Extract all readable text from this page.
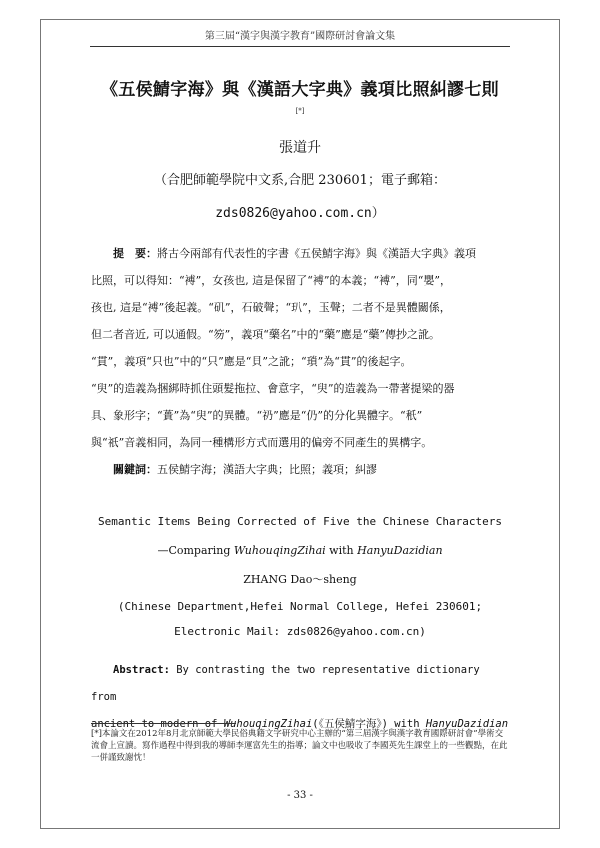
第三屆“漢字與漢字教育”國際研討會論文集
《五侯鯖字海》與《漢語大字典》義項比照糾謬七則
[*]
張道升
（合肥師範學院中文系,合肥 230601；電子郵箱：
zds0826@yahoo.com.cn）
提　要：將古今兩部有代表性的字書《五侯鯖字海》與《漢語大字典》義項
比照，可以得知：“䙏”，女孩也, 這是保留了“䙏”的本義；“䙏”，同“嬰”，
孩也, 這是“䙏”後起義。“矶”，石破聲；“玐”，玉聲；二者不是異體關係，
但二者音近, 可以通假。“笏”，義項“藥名”中的“藥”應是“藥”傳抄之訛。
“貫”，義項“只也”中的“只”應是“貝”之訛；“瑣”為“貫”的後起字。
“臾”的造義為捆綁時抓住頭髮拖拉、會意字，“臾”的造義為一帶著提梁的器
具、象形字；“蕢”為“臾”的異體。“礽”應是“仍”的分化異體字。“秖”
與“祇”音義相同，為同一種構形方式而選用的偏旁不同產生的異構字。
關鍵詞：五侯鯖字海；漢語大字典；比照；義項；糾謬
Semantic Items Being Corrected of Five the Chinese Characters
—Comparing WuhouqingZihai with HanyuDazidian
ZHANG Dao～sheng
(Chinese Department,Hefei Normal College, Hefei 230601;
Electronic Mail: zds0826@yahoo.com.cn)
Abstract: By contrasting the two representative dictionary from
ancient to modern of WuhouqingZihai(《五侯鯖字海》) with HanyuDazidian
[*]本論文在2012年8月北京師範大學民俗典籍文字研究中心主辦的“第三屆漢字與漢字教育國際研討會”學術交流會上宣讀。寫作過程中得到我的導師李運富先生的指導；論文中也吸收了李國英先生課堂上的一些觀點，在此一併謹致謝忱！
- 33 -
